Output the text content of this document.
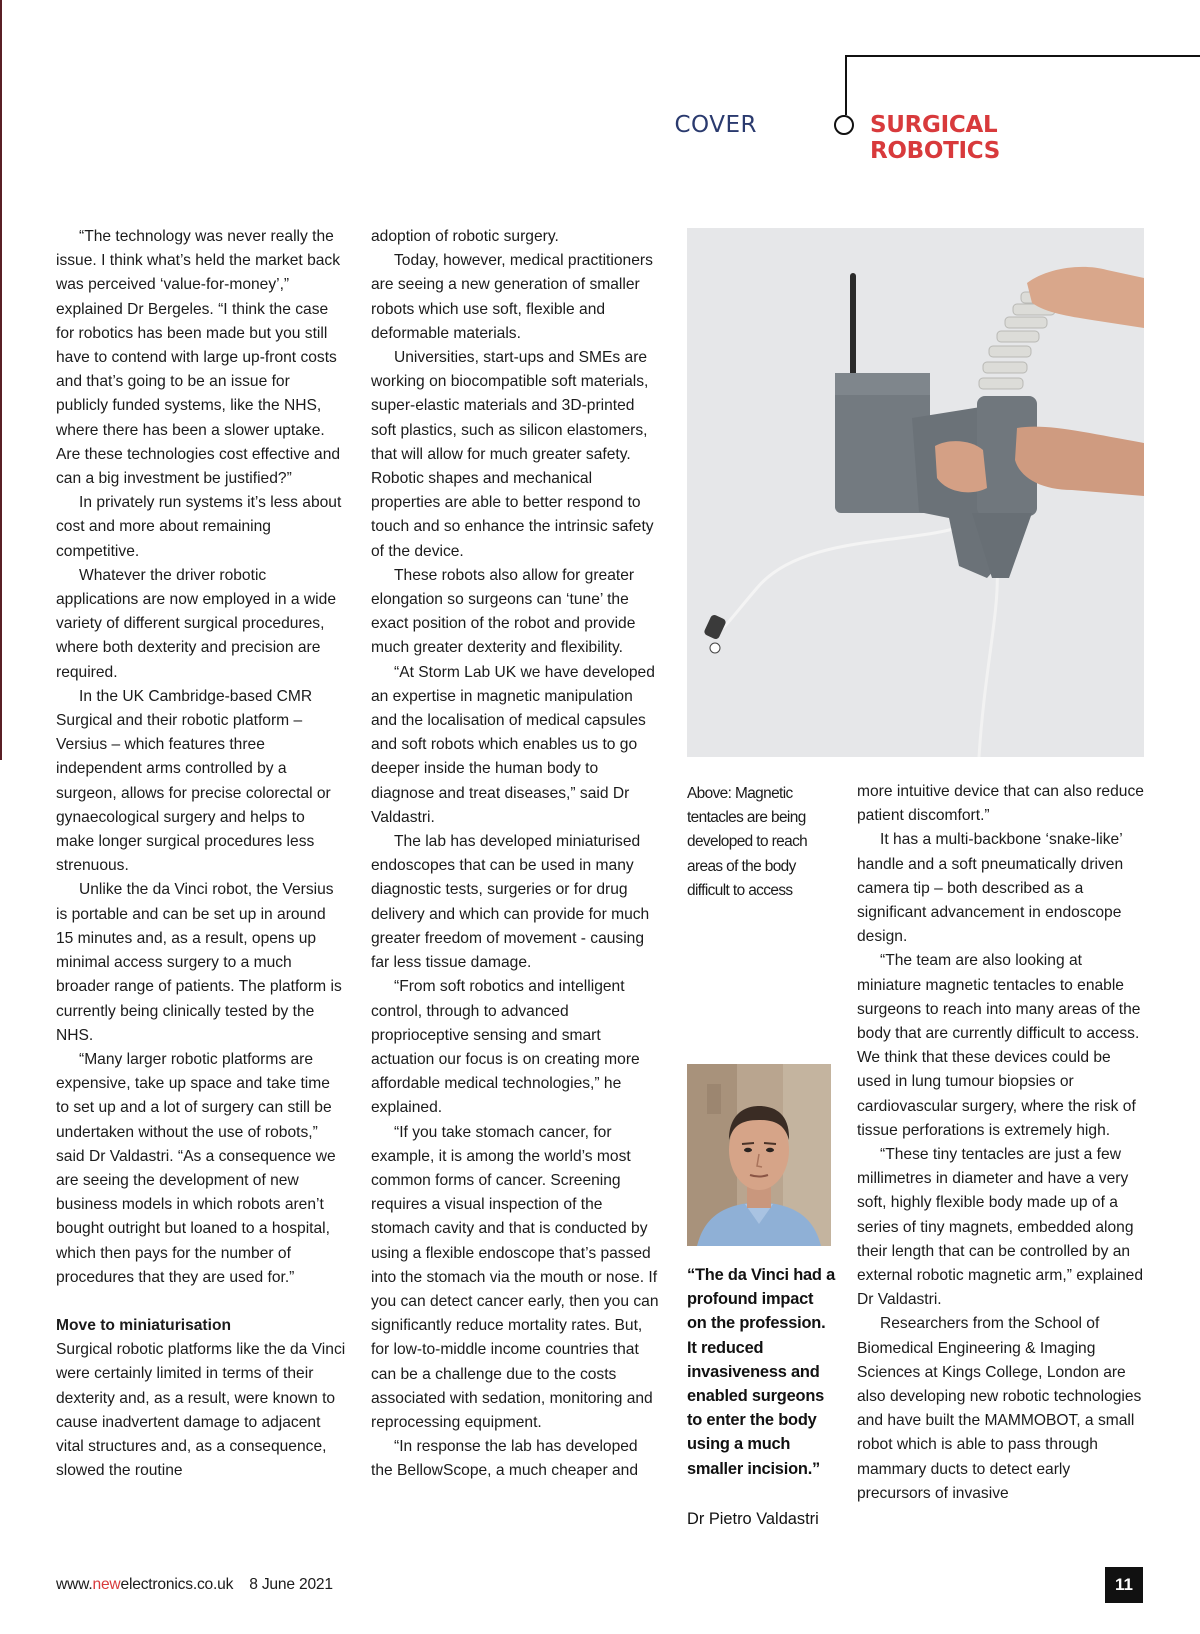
COVER	SURGICAL ROBOTICS

“The technology was never really the issue. I think what’s held the market back was perceived ‘value-for-money’,” explained Dr Bergeles. “I think the case for robotics has been made but you still have to contend with large up-front costs and that’s going to be an issue for publicly funded systems, like the NHS, where there has been a slower uptake. Are these technologies cost effective and can a big investment be justified?”

In privately run systems it’s less about cost and more about remaining competitive.

Whatever the driver robotic applications are now employed in a wide variety of different surgical procedures, where both dexterity and precision are required.

In the UK Cambridge-based CMR Surgical and their robotic platform – Versius – which features three independent arms controlled by a surgeon, allows for precise colorectal or gynaecological surgery and helps to make longer surgical procedures less strenuous.

Unlike the da Vinci robot, the Versius is portable and can be set up in around 15 minutes and, as a result, opens up minimal access surgery to a much broader range of patients. The platform is currently being clinically tested by the NHS.

“Many larger robotic platforms are expensive, take up space and take time to set up and a lot of surgery can still be undertaken without the use of robots,” said Dr Valdastri. “As a consequence we are seeing the development of new business models in which robots aren’t bought outright but loaned to a hospital, which then pays for the number of procedures that they are used for.”

Move to miniaturisation

Surgical robotic platforms like the da Vinci were certainly limited in terms of their dexterity and, as a result, were known to cause inadvertent damage to adjacent vital structures and, as a consequence, slowed the routine

adoption of robotic surgery.

Today, however, medical practitioners are seeing a new generation of smaller robots which use soft, flexible and deformable materials.

Universities, start-ups and SMEs are working on biocompatible soft materials, super-elastic materials and 3D-printed soft plastics, such as silicon elastomers, that will allow for much greater safety. Robotic shapes and mechanical properties are able to better respond to touch and so enhance the intrinsic safety of the device.

These robots also allow for greater elongation so surgeons can ‘tune’ the exact position of the robot and provide much greater dexterity and flexibility.

“At Storm Lab UK we have developed an expertise in magnetic manipulation and the localisation of medical capsules and soft robots which enables us to go deeper inside the human body to diagnose and treat diseases,” said Dr Valdastri.

The lab has developed miniaturised endoscopes that can be used in many diagnostic tests, surgeries or for drug delivery and which can provide for much greater freedom of movement - causing far less tissue damage.

“From soft robotics and intelligent control, through to advanced proprioceptive sensing and smart actuation our focus is on creating more affordable medical technologies,” he explained.

“If you take stomach cancer, for example, it is among the world’s most common forms of cancer. Screening requires a visual inspection of the stomach cavity and that is conducted by using a flexible endoscope that’s passed into the stomach via the mouth or nose. If you can detect cancer early, then you can significantly reduce mortality rates. But, for low-to-middle income countries that can be a challenge due to the costs associated with sedation, monitoring and reprocessing equipment.

“In response the lab has developed the BellowScope, a much cheaper and

Above: Magnetic tentacles are being developed to reach areas of the body difficult to access
“The da Vinci had a profound impact on the profession. It reduced invasiveness and enabled surgeons to enter the body using a much smaller incision.”
Dr Pietro Valdastri

more intuitive device that can also reduce patient discomfort.”

It has a multi-backbone ‘snake-like’ handle and a soft pneumatically driven camera tip – both described as a significant advancement in endoscope design.

“The team are also looking at miniature magnetic tentacles to enable surgeons to reach into many areas of the body that are currently difficult to access. We think that these devices could be used in lung tumour biopsies or cardiovascular surgery, where the risk of tissue perforations is extremely high.

“These tiny tentacles are just a few millimetres in diameter and have a very soft, highly flexible body made up of a series of tiny magnets, embedded along their length that can be controlled by an external robotic magnetic arm,” explained Dr Valdastri.

Researchers from the School of Biomedical Engineering & Imaging Sciences at Kings College, London are also developing new robotic technologies and have built the MAMMOBOT, a small robot which is able to pass through mammary ducts to detect early precursors of invasive

www.newelectronics.co.uk 8 June 2021	11
